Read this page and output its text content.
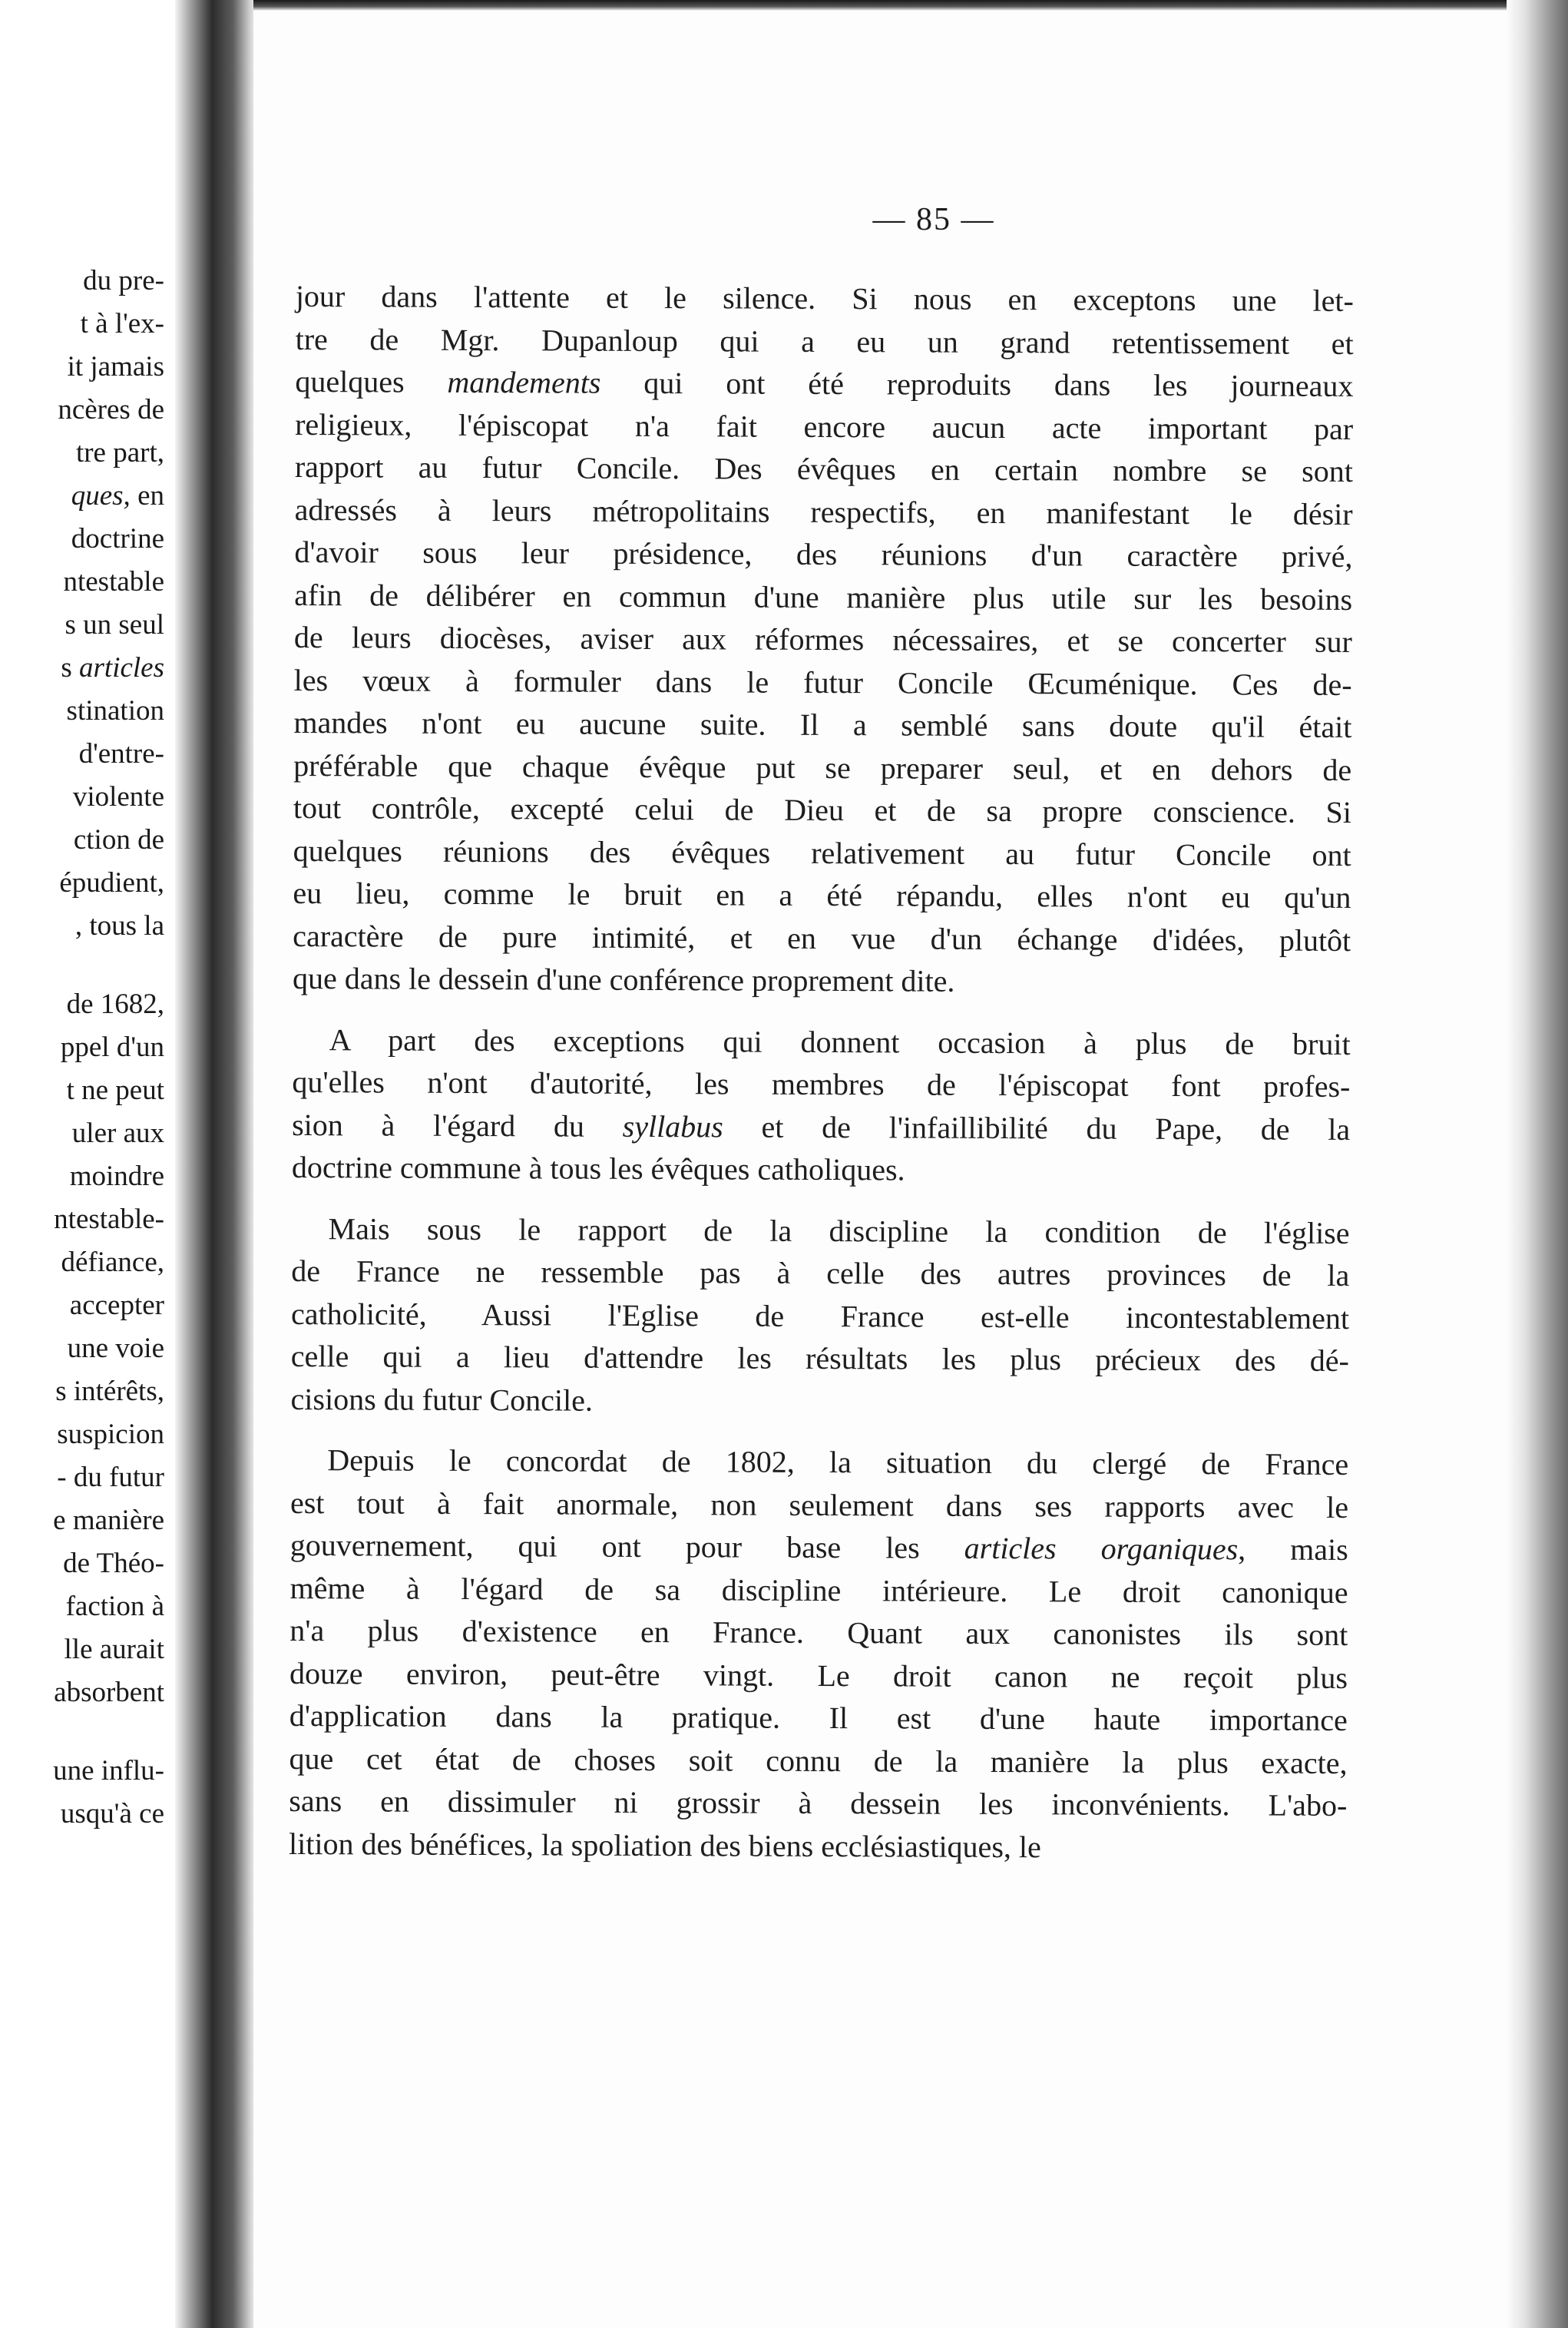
du pre-
t à l'ex-
it jamais
ncères de
tre part,
ques, en
doctrine
ntestable
s un seul
s articles
stination
d'entre-
violente
ction de
épudient,
, tous la
de 1682,
ppel d'un
t ne peut
uler aux
moindre
ntestable-
défiance,
accepter
une voie
s intérêts,
suspicion
- du futur
e manière
de Théo-
faction à
lle aurait
absorbent
une influ-
usqu'à ce
— 85 —
jour dans l'attente et le silence. Si nous en exceptons une let-
tre de Mgr. Dupanloup qui a eu un grand retentissement et
quelques mandements qui ont été reproduits dans les journeaux
religieux, l'épiscopat n'a fait encore aucun acte important par
rapport au futur Concile. Des évêques en certain nombre se sont
adressés à leurs métropolitains respectifs, en manifestant le désir
d'avoir sous leur présidence, des réunions d'un caractère privé,
afin de délibérer en commun d'une manière plus utile sur les besoins
de leurs diocèses, aviser aux réformes nécessaires, et se concerter sur
les vœux à formuler dans le futur Concile Œcuménique. Ces de-
mandes n'ont eu aucune suite. Il a semblé sans doute qu'il était
préférable que chaque évêque put se preparer seul, et en dehors de
tout contrôle, excepté celui de Dieu et de sa propre conscience. Si
quelques réunions des évêques relativement au futur Concile ont
eu lieu, comme le bruit en a été répandu, elles n'ont eu qu'un
caractère de pure intimité, et en vue d'un échange d'idées, plutôt
que dans le dessein d'une conférence proprement dite.
A part des exceptions qui donnent occasion à plus de bruit
qu'elles n'ont d'autorité, les membres de l'épiscopat font profes-
sion à l'égard du syllabus et de l'infaillibilité du Pape, de la
doctrine commune à tous les évêques catholiques.
Mais sous le rapport de la discipline la condition de l'église
de France ne ressemble pas à celle des autres provinces de la
catholicité, Aussi l'Eglise de France est-elle incontestablement
celle qui a lieu d'attendre les résultats les plus précieux des dé-
cisions du futur Concile.
Depuis le concordat de 1802, la situation du clergé de France
est tout à fait anormale, non seulement dans ses rapports avec le
gouvernement, qui ont pour base les articles organiques, mais
même à l'égard de sa discipline intérieure. Le droit canonique
n'a plus d'existence en France. Quant aux canonistes ils sont
douze environ, peut-être vingt. Le droit canon ne reçoit plus
d'application dans la pratique. Il est d'une haute importance
que cet état de choses soit connu de la manière la plus exacte,
sans en dissimuler ni grossir à dessein les inconvénients. L'abo-
lition des bénéfices, la spoliation des biens ecclésiastiques, le
